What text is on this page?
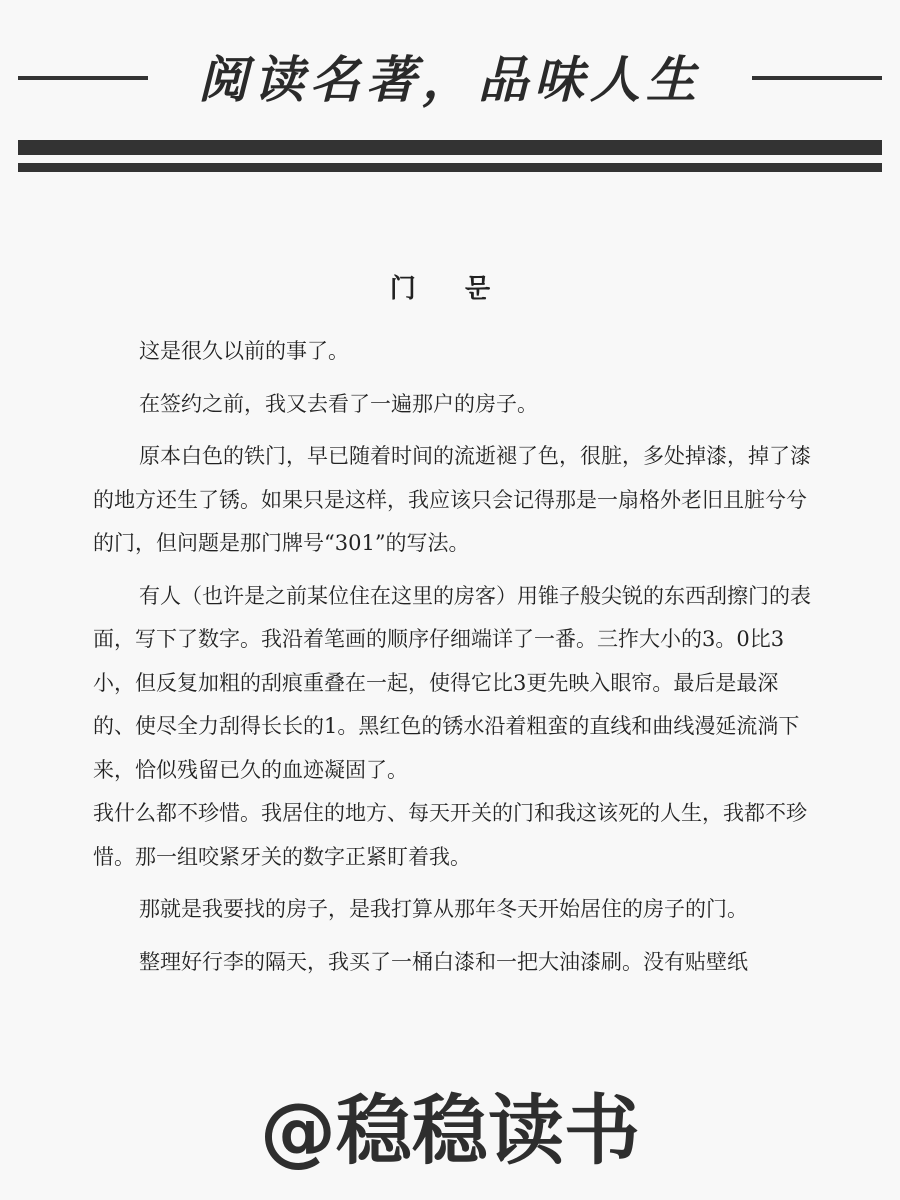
阅读名著，品味人生
门 문

这是很久以前的事了。

在签约之前，我又去看了一遍那户的房子。

原本白色的铁门，早已随着时间的流逝褪了色，很脏，多处掉漆，掉了漆的地方还生了锈。如果只是这样，我应该只会记得那是一扇格外老旧且脏兮兮的门，但问题是那门牌号“301”的写法。

有人（也许是之前某位住在这里的房客）用锥子般尖锐的东西刮擦门的表面，写下了数字。我沿着笔画的顺序仔细端详了一番。三拃大小的3。0比3小，但反复加粗的刮痕重叠在一起，使得它比3更先映入眼帘。最后是最深的、使尽全力刮得长长的1。黑红色的锈水沿着粗蛮的直线和曲线漫延流淌下来，恰似残留已久的血迹凝固了。

我什么都不珍惜。我居住的地方、每天开关的门和我这该死的人生，我都不珍惜。那一组咬紧牙关的数字正紧盯着我。

那就是我要找的房子，是我打算从那年冬天开始居住的房子的门。

整理好行李的隔天，我买了一桶白漆和一把大油漆刷。没有贴壁纸

@稳稳读书
